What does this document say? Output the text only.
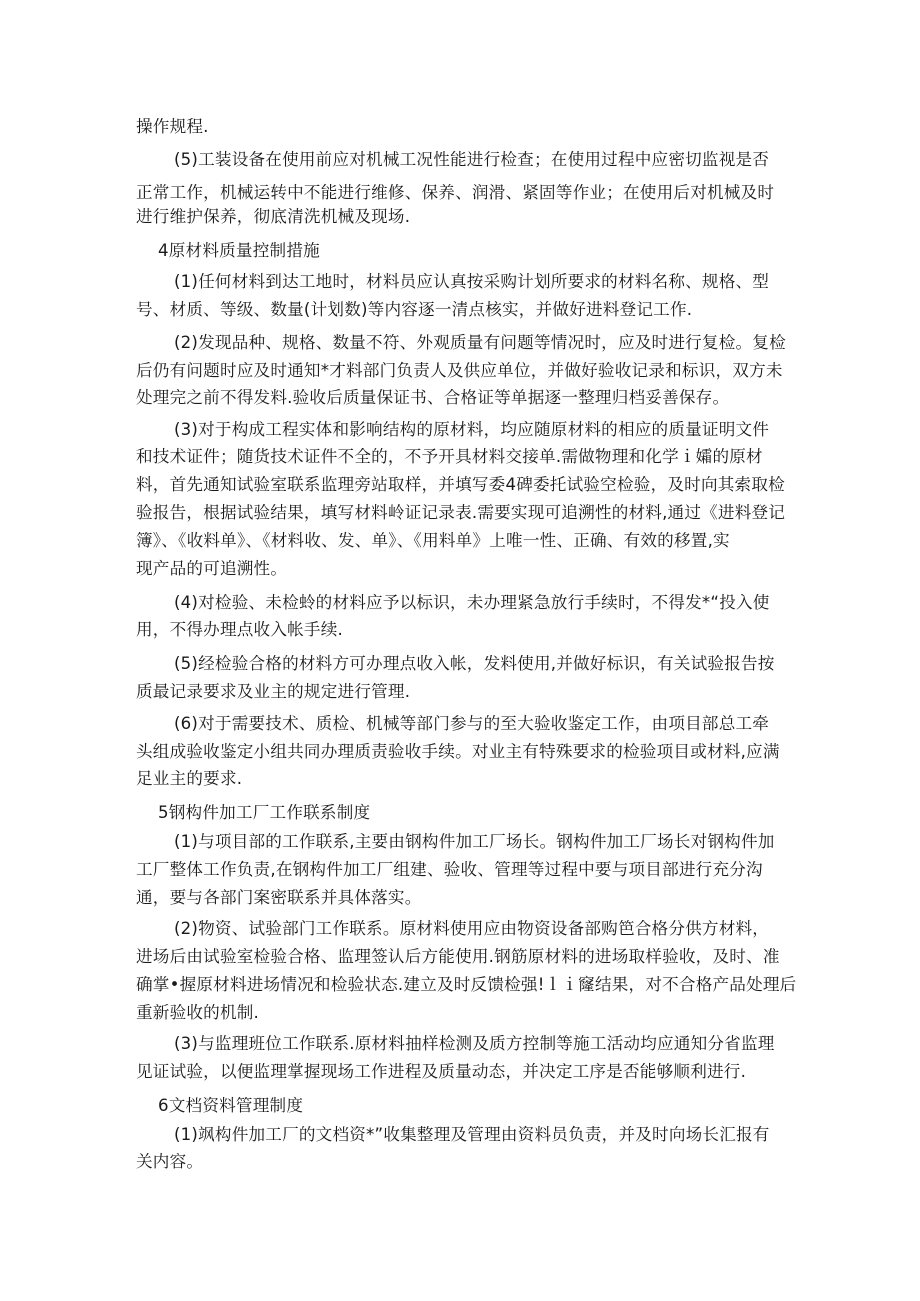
操作规程.
(5)工装设备在使用前应对机械工况性能进行检查；在使用过程中应密切监视是否
正常工作，机械运转中不能进行维修、保养、润滑、紧固等作业；在使用后对机械及时
进行维护保养，彻底清洗机械及现场.
4原材料质量控制措施
(1)任何材料到达工地时，材料员应认真按采购计划所要求的材料名称、规格、型
号、材质、等级、数量(计划数)等内容逐一清点核实，并做好进料登记工作.
(2)发现品种、规格、数量不符、外观质量有问题等情况时，应及时进行复检。复检
后仍有问题时应及时通知*才料部门负责人及供应单位，并做好验收记录和标识，双方未
处理完之前不得发料.验收后质量保证书、合格证等单据逐一整理归档妥善保存。
(3)对于构成工程实体和影响结构的原材料，均应随原材料的相应的质量证明文件
和技术证件；随货技术证件不全的，不予开具材料交接单.需做物理和化学ｉ孀的原材
料，首先通知试验室联系监理旁站取样，并填写委4碑委托试验空检验，及时向其索取检
验报告，根据试验结果，填写材料岭证记录表.需要实现可追溯性的材料,通过《进料登记
簿》、《收料单》、《材料收、发、单》、《用料单》上唯一性、正确、有效的移置,实
现产品的可追溯性。
(4)对检验、未检蛉的材料应予以标识，未办理紧急放行手续时，不得发*“投入使
用，不得办理点收入帐手续.
(5)经检验合格的材料方可办理点收入帐，发料使用,并做好标识，有关试验报告按
质最记录要求及业主的规定进行管理.
(6)对于需要技术、质检、机械等部门参与的至大验收鉴定工作，由项目部总工牵
头组成验收鉴定小组共同办理质责验收手续。对业主有特殊要求的检验项目或材料,应满
足业主的要求.
5钢构件加工厂工作联系制度
(1)与项目部的工作联系,主要由钢构件加工厂场长。钢构件加工厂场长对钢构件加
工厂整体工作负责,在钢构件加工厂组建、验收、管理等过程中要与项目部进行充分沟
通，要与各部门案密联系并具体落实。
(2)物资、试验部门工作联系。原材料使用应由物资设备部购笆合格分供方材料，
进场后由试验室检验合格、监理签认后方能使用.钢筋原材料的进场取样验收，及时、准
确掌•握原材料进场情况和检验状态.建立及时反馈检强!ｌｉ窿结果，对不合格产品处理后
重新验收的机制.
(3)与监理班位工作联系.原材料抽样检测及质方控制等施工活动均应通知分省监理
见证试验，以便监理掌握现场工作进程及质量动态，并决定工序是否能够顺利进行.
6文档资料管理制度
(1)飒构件加工厂的文档资*”收集整理及管理由资料员负责，并及时向场长汇报有
关内容。
